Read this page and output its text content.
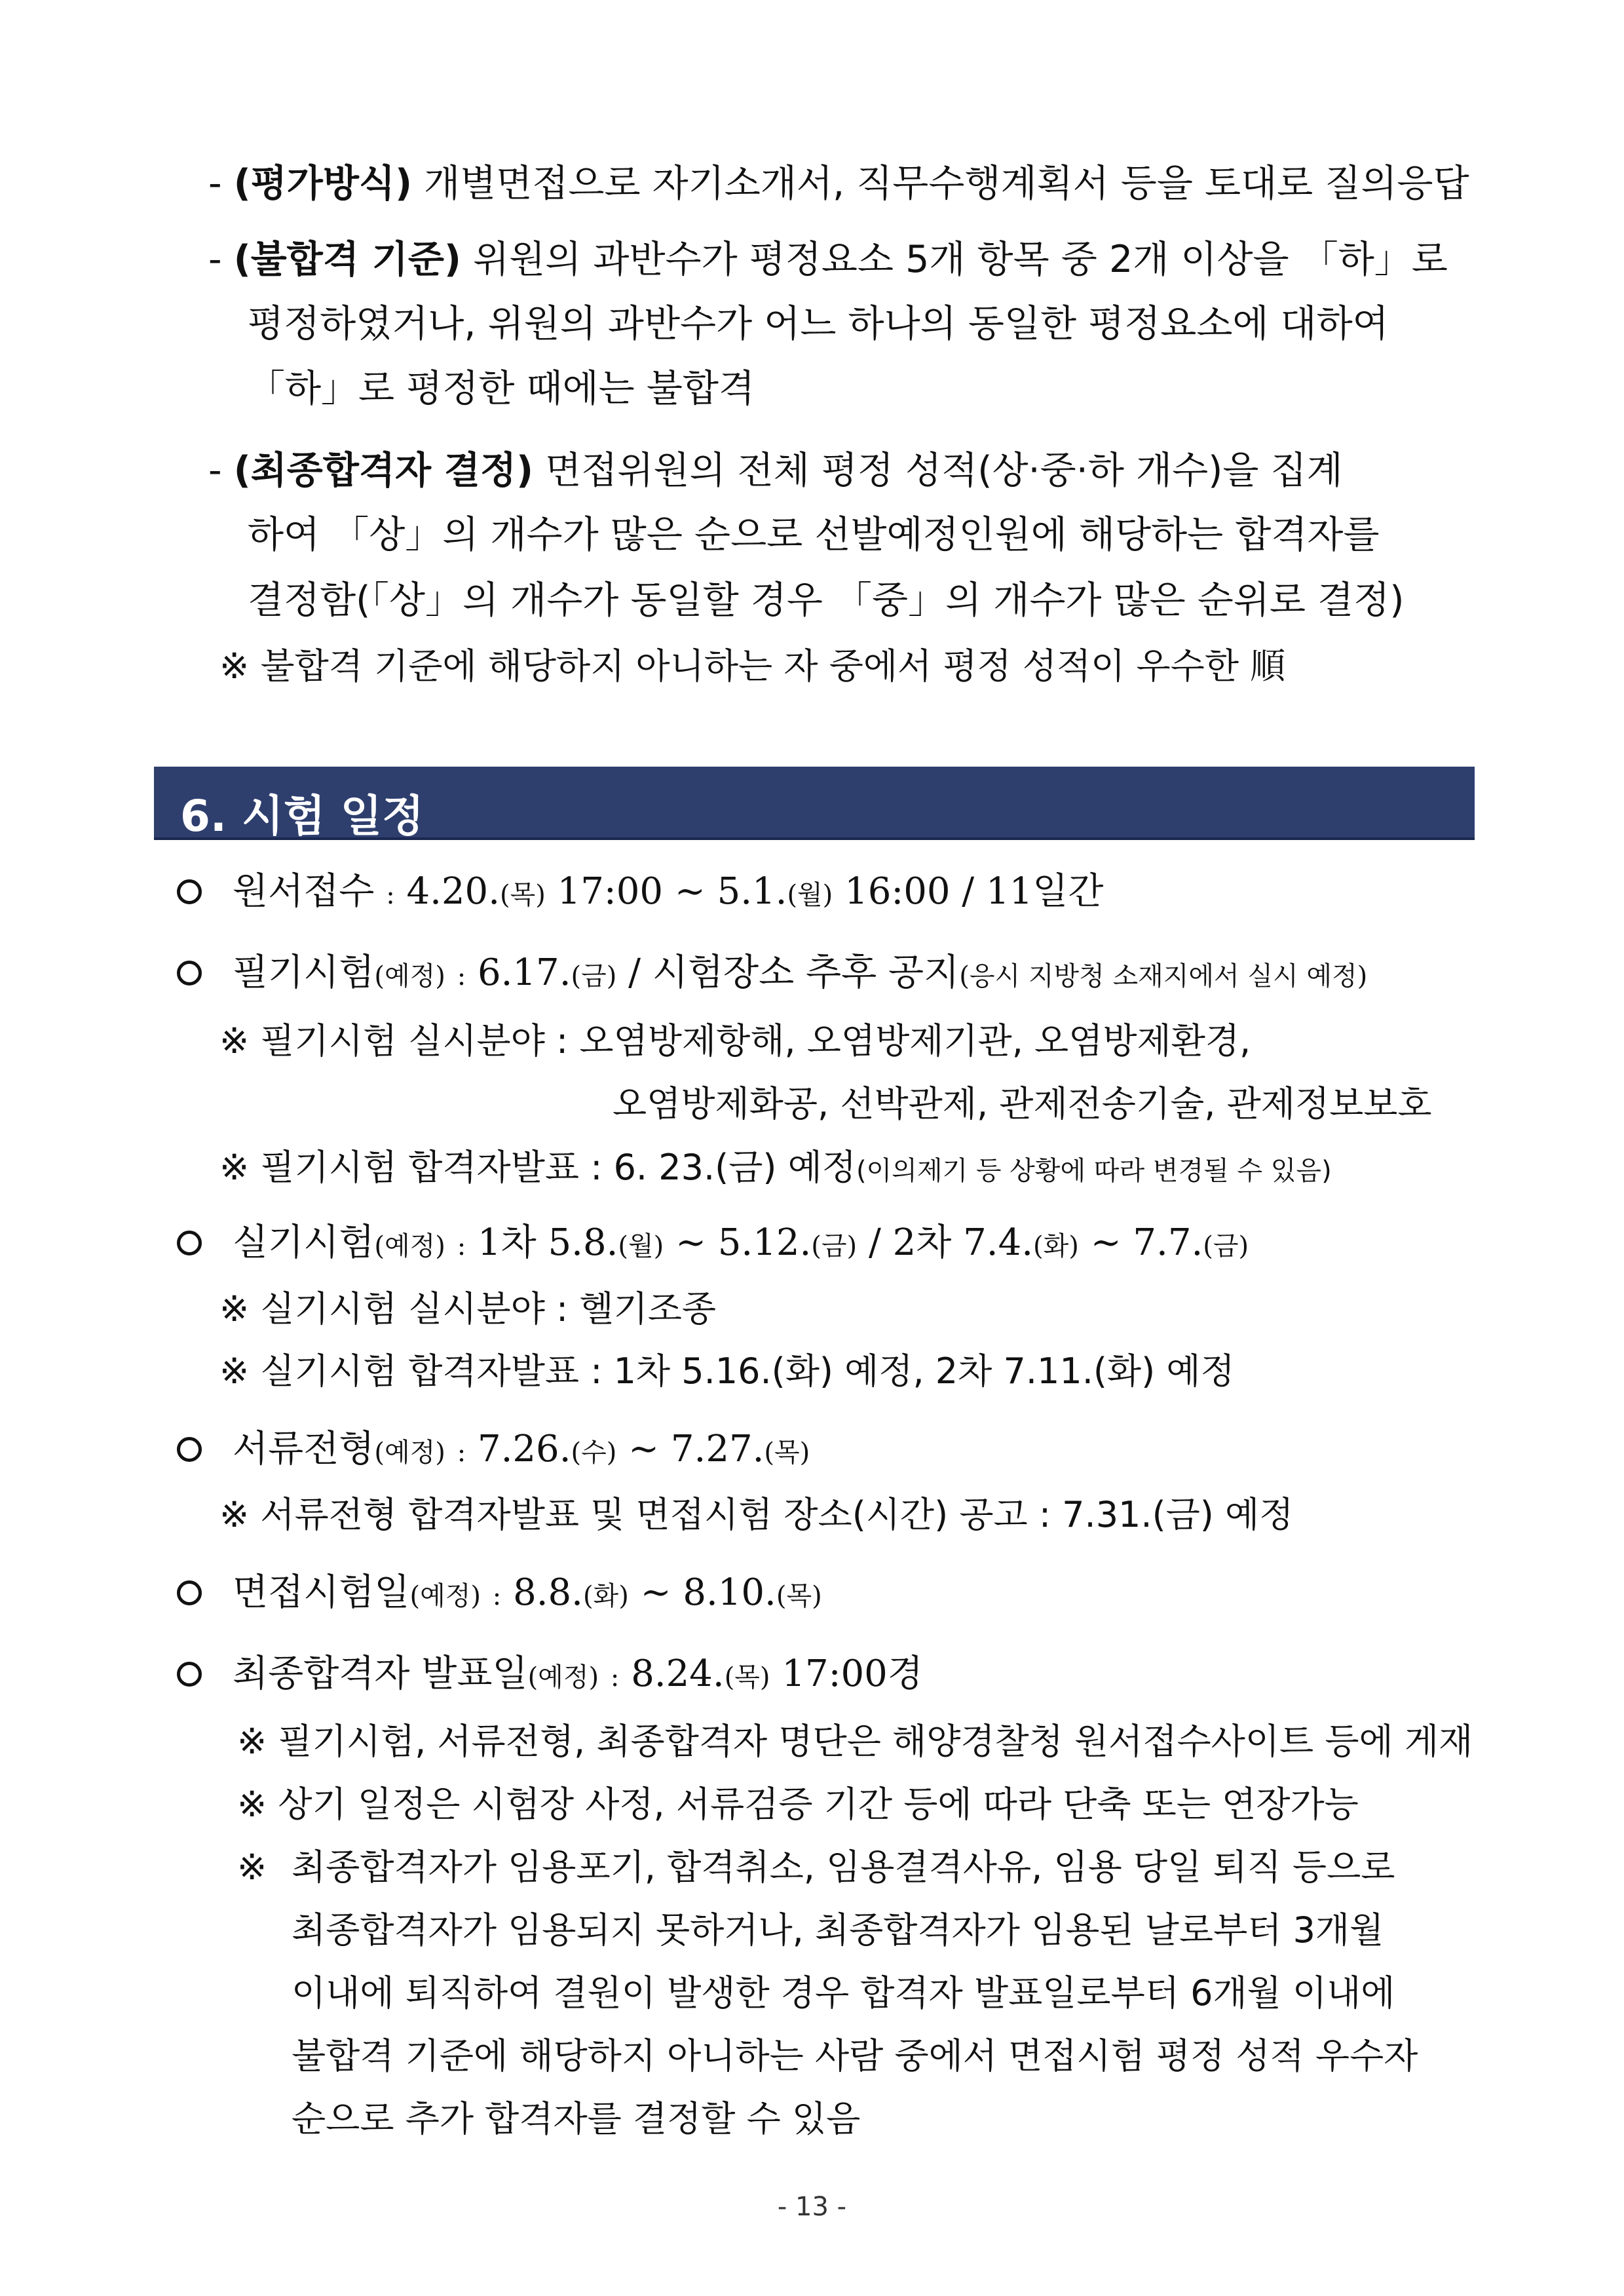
- (평가방식) 개별면접으로 자기소개서, 직무수행계획서 등을 토대로 질의응답
- (불합격 기준) 위원의 과반수가 평정요소 5개 항목 중 2개 이상을 「하」로
평정하였거나, 위원의 과반수가 어느 하나의 동일한 평정요소에 대하여
「하」로 평정한 때에는 불합격
- (최종합격자 결정) 면접위원의 전체 평정 성적(상·중·하 개수)을 집계
하여 「상」의 개수가 많은 순으로 선발예정인원에 해당하는 합격자를
결정함(「상」의 개수가 동일할 경우 「중」의 개수가 많은 순위로 결정)
※ 불합격 기준에 해당하지 아니하는 자 중에서 평정 성적이 우수한 順
6. 시험 일정
원서접수 : 4.20.(목) 17:00 ~ 5.1.(월) 16:00 / 11일간
필기시험(예정) : 6.17.(금) / 시험장소 추후 공지(응시 지방청 소재지에서 실시 예정)
※ 필기시험 실시분야 : 오염방제항해, 오염방제기관, 오염방제환경,
오염방제화공, 선박관제, 관제전송기술, 관제정보보호
※ 필기시험 합격자발표 : 6. 23.(금) 예정(이의제기 등 상황에 따라 변경될 수 있음)
실기시험(예정) : 1차 5.8.(월) ~ 5.12.(금) / 2차 7.4.(화) ~ 7.7.(금)
※ 실기시험 실시분야 : 헬기조종
※ 실기시험 합격자발표 : 1차 5.16.(화) 예정, 2차 7.11.(화) 예정
서류전형(예정) : 7.26.(수) ~ 7.27.(목)
※ 서류전형 합격자발표 및 면접시험 장소(시간) 공고 : 7.31.(금) 예정
면접시험일(예정) : 8.8.(화) ~ 8.10.(목)
최종합격자 발표일(예정) : 8.24.(목) 17:00경
※ 필기시험, 서류전형, 최종합격자 명단은 해양경찰청 원서접수사이트 등에 게재
※ 상기 일정은 시험장 사정, 서류검증 기간 등에 따라 단축 또는 연장가능
※ 최종합격자가 임용포기, 합격취소, 임용결격사유, 임용 당일 퇴직 등으로
최종합격자가 임용되지 못하거나, 최종합격자가 임용된 날로부터 3개월
이내에 퇴직하여 결원이 발생한 경우 합격자 발표일로부터 6개월 이내에
불합격 기준에 해당하지 아니하는 사람 중에서 면접시험 평정 성적 우수자
순으로 추가 합격자를 결정할 수 있음
- 13 -
